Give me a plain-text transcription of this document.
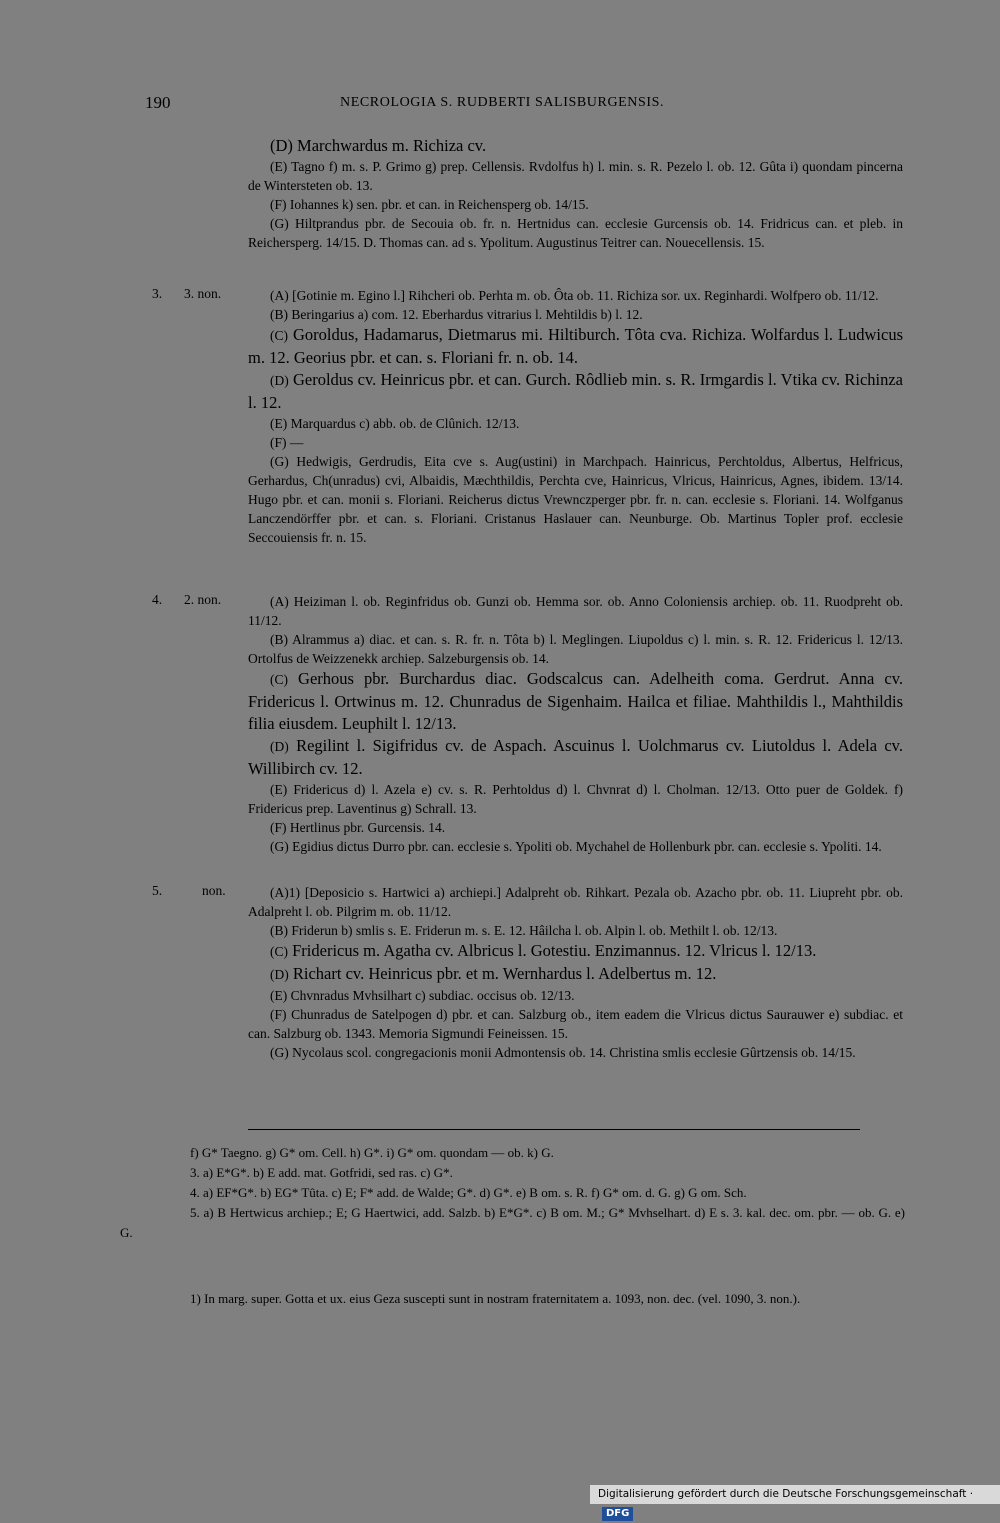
190	NECROLOGIA S. RUDBERTI SALISBURGENSIS.

(D) Marchwardus m. Richiza cv.

(E) Tagno f) m. s. P. Grimo g) prep. Cellensis. Rvdolfus h) l. min. s. R. Pezelo l. ob. 12. Gûta i) quondam pincerna de Wintersteten ob. 13.

(F) Iohannes k) sen. pbr. et can. in Reichensperg ob. 14/15.

(G) Hiltprandus pbr. de Secouia ob. fr. n. Hertnidus can. ecclesie Gurcensis ob. 14. Fridricus can. et pleb. in Reichersperg. 14/15. D. Thomas can. ad s. Ypolitum. Augustinus Teitrer can. Nouecellensis. 15.

3. 3. non.	(A) [Gotinie m. Egino l.] Rihcheri ob. Perhta m. ob. Ôta ob. 11. Richiza sor. ux. Reginhardi. Wolfpero ob. 11/12.

(B) Beringarius a) com. 12. Eberhardus vitrarius l. Mehtildis b) l. 12.

(C) Goroldus, Hadamarus, Dietmarus mi. Hiltiburch. Tôta cva. Richiza. Wolfardus l. Ludwicus m. 12. Georius pbr. et can. s. Floriani fr. n. ob. 14.

(D) Geroldus cv. Heinricus pbr. et can. Gurch. Rôdlieb min. s. R. Irmgardis l. Vtika cv. Richinza l. 12.

(E) Marquardus c) abb. ob. de Clûnich. 12/13.

(F) —

(G) Hedwigis, Gerdrudis, Eita cve s. Aug(ustini) in Marchpach. Hainricus, Perchtoldus, Albertus, Helfricus, Gerhardus, Ch(unradus) cvi, Albaidis, Mæchthildis, Perchta cve, Hainricus, Vlricus, Hainricus, Agnes, ibidem. 13/14. Hugo pbr. et can. monii s. Floriani. Reicherus dictus Vrewnczperger pbr. fr. n. can. ecclesie s. Floriani. 14. Wolfganus Lanczendörffer pbr. et can. s. Floriani. Cristanus Haslauer can. Neunburge. Ob. Martinus Topler prof. ecclesie Seccouiensis fr. n. 15.

4. 2. non.	(A) Heiziman l. ob. Reginfridus ob. Gunzi ob. Hemma sor. ob. Anno Coloniensis archiep. ob. 11. Ruodpreht ob. 11/12.

(B) Alrammus a) diac. et can. s. R. fr. n. Tôta b) l. Meglingen. Liupoldus c) l. min. s. R. 12. Fridericus l. 12/13. Ortolfus de Weizzenekk archiep. Salzeburgensis ob. 14.

(C) Gerhous pbr. Burchardus diac. Godscalcus can. Adelheith coma. Gerdrut. Anna cv. Fridericus l. Ortwinus m. 12. Chunradus de Sigenhaim. Hailca et filiae. Mahthildis l., Mahthildis filia eiusdem. Leuphilt l. 12/13.

(D) Regilint l. Sigifridus cv. de Aspach. Ascuinus l. Uolchmarus cv. Liutoldus l. Adela cv. Willibirch cv. 12.

(E) Fridericus d) l. Azela e) cv. s. R. Perhtoldus d) l. Chvnrat d) l. Cholman. 12/13. Otto puer de Goldek. f) Fridericus prep. Laventinus g) Schrall. 13.

(F) Hertlinus pbr. Gurcensis. 14.

(G) Egidius dictus Durro pbr. can. ecclesie s. Ypoliti ob. Mychahel de Hollenburk pbr. can. ecclesie s. Ypoliti. 14.

5.	non.	(A)1) [Deposicio s. Hartwici a) archiepi.] Adalpreht ob. Rihkart. Pezala ob. Azacho pbr. ob. 11. Liupreht pbr. ob. Adalpreht l. ob. Pilgrim m. ob. 11/12.

(B) Friderun b) smlis s. E. Friderun m. s. E. 12. Hâilcha l. ob. Alpin l. ob. Methilt l. ob. 12/13.

(C) Fridericus m. Agatha cv. Albricus l. Gotestiu. Enzimannus. 12. Vlricus l. 12/13.

(D) Richart cv. Heinricus pbr. et m. Wernhardus l. Adelbertus m. 12.

(E) Chvnradus Mvhsilhart c) subdiac. occisus ob. 12/13.

(F) Chunradus de Satelpogen d) pbr. et can. Salzburg ob., item eadem die Vlricus dictus Saurauwer e) subdiac. et can. Salzburg ob. 1343. Memoria Sigmundi Feineissen. 15.

(G) Nycolaus scol. congregacionis monii Admontensis ob. 14. Christina smlis ecclesie Gûrtzensis ob. 14/15.

f) G* Taegno. g) G* om. Cell. h) G*. i) G* om. quondam — ob. k) G.

3. a) E*G*. b) E add. mat. Gotfridi, sed ras. c) G*.

4. a) EF*G*. b) EG* Tûta. c) E; F* add. de Walde; G*. d) G*. e) B om. s. R. f) G* om. d. G. g) G om. Sch.

5. a) B Hertwicus archiep.; E; G Haertwici, add. Salzb. b) E*G*. c) B om. M.; G* Mvhselhart. d) E s. 3. kal. dec. om. pbr. — ob. G. e) G.

1) In marg. super. Gotta et ux. eius Geza suscepti sunt in nostram fraternitatem a. 1093, non. dec. (vel. 1090, 3. non.).

Digitalisierung gefördert durch die Deutsche Forschungsgemeinschaft ·DFG
